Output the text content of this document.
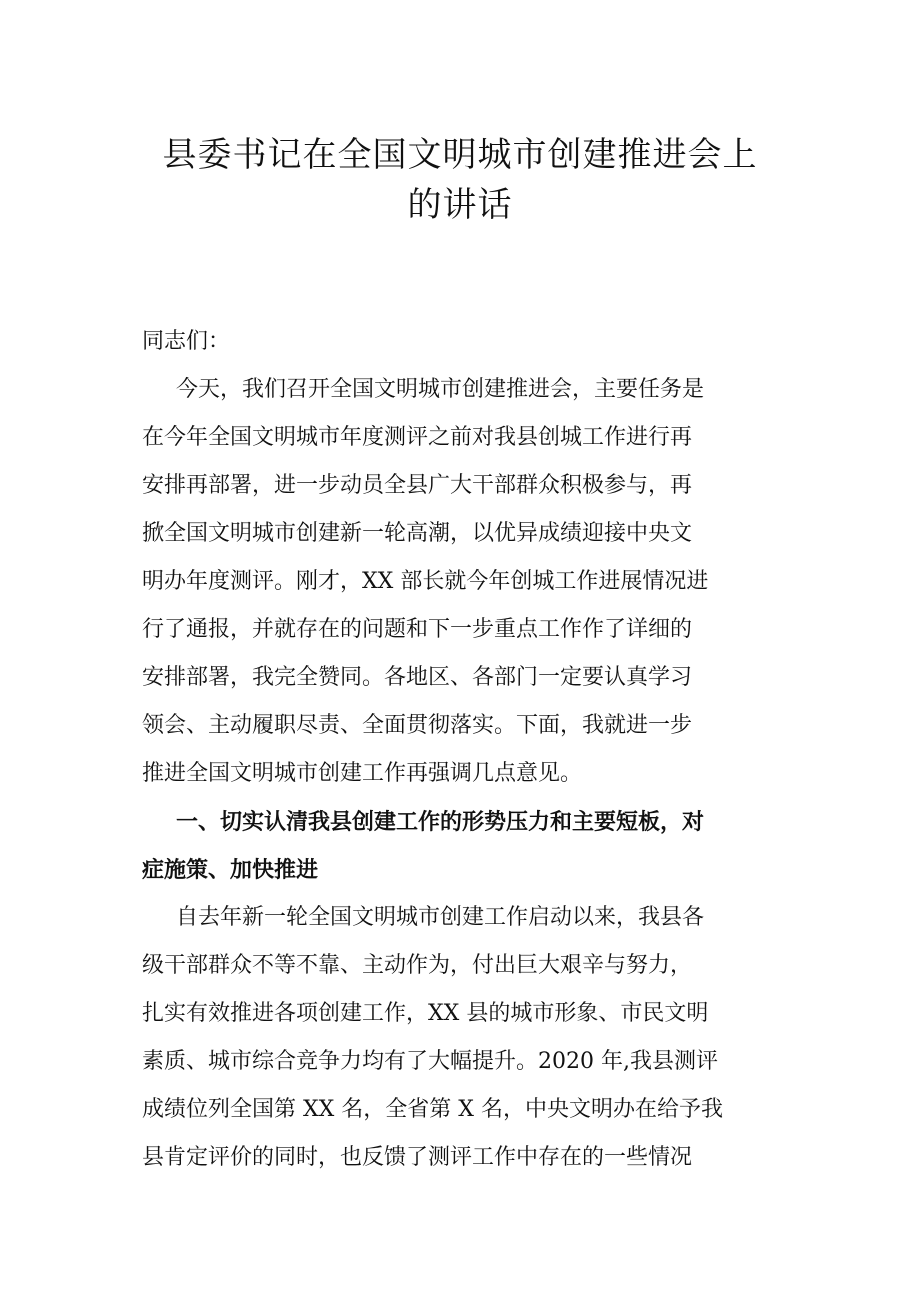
县委书记在全国文明城市创建推进会上
的讲话
同志们：
今天，我们召开全国文明城市创建推进会，主要任务是
在今年全国文明城市年度测评之前对我县创城工作进行再
安排再部署，进一步动员全县广大干部群众积极参与，再
掀全国文明城市创建新一轮高潮，以优异成绩迎接中央文
明办年度测评。刚才，XX 部长就今年创城工作进展情况进
行了通报，并就存在的问题和下一步重点工作作了详细的
安排部署，我完全赞同。各地区、各部门一定要认真学习
领会、主动履职尽责、全面贯彻落实。下面，我就进一步
推进全国文明城市创建工作再强调几点意见。
一、切实认清我县创建工作的形势压力和主要短板，对
症施策、加快推进
自去年新一轮全国文明城市创建工作启动以来，我县各
级干部群众不等不靠、主动作为，付出巨大艰辛与努力，
扎实有效推进各项创建工作，XX 县的城市形象、市民文明
素质、城市综合竞争力均有了大幅提升。2020 年,我县测评
成绩位列全国第 XX 名，全省第 X 名，中央文明办在给予我
县肯定评价的同时，也反馈了测评工作中存在的一些情况
